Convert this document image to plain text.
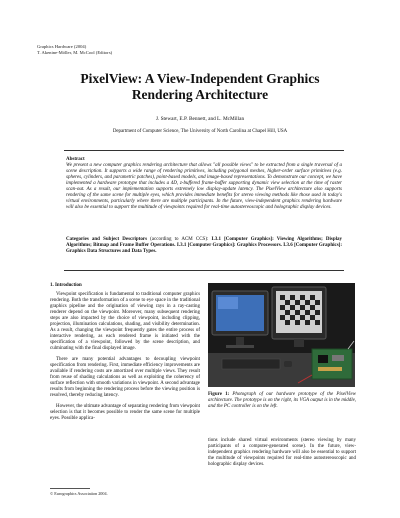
Graphics Hardware (2004)
T. Akenine-Möller, M. McCool (Editors)
PixelView: A View-Independent Graphics
Rendering Architecture
J. Stewart, E.P. Bennett, and L. McMillan
Department of Computer Science, The University of North Carolina at Chapel Hill, USA
Abstract
We present a new computer graphics rendering architecture that allows "all possible views" to be extracted from a single traversal of a scene description. It supports a wide range of rendering primitives, including polygonal meshes, higher-order surface primitives (e.g. spheres, cylinders, and parametric patches), point-based models, and image-based representations. To demonstrate our concept, we have implemented a hardware prototype that includes a 4D, z-buffered frame-buffer supporting dynamic view selection at the time of raster scan-out. As a result, our implementation supports extremely low display-update latency. The PixelView architecture also supports rendering of the same scene for multiple eyes, which provides immediate benefits for stereo viewing methods like those used in today's virtual environments, particularly where there are multiple participants. In the future, view-independent graphics rendering hardware will also be essential to support the multitude of viewpoints required for real-time autostereoscopic and holographic display devices.
Categories and Subject Descriptors (according to ACM CCS): I.3.1 [Computer Graphics]: Viewing Algorithms; Display Algorithms; Bitmap and Frame Buffer Operations. I.3.1 [Computer Graphics]: Graphics Processors. I.3.6 [Computer Graphics]: Graphics Data Structures and Data Types.
1. Introduction

Viewpoint specification is fundamental to traditional computer graphics rendering. Both the transformation of a scene to eye space in the traditional graphics pipeline and the origination of viewing rays in a ray-casting renderer depend on the viewpoint. Moreover, many subsequent rendering steps are also impacted by the choice of viewpoint, including clipping, projection, illumination calculations, shading, and visibility determination. As a result, changing the viewpoint frequently gates the entire process of interactive rendering, as each rendered frame is initiated with the specification of a viewpoint, followed by the scene description, and culminating with the final displayed image.

There are many potential advantages to decoupling viewpoint specification from rendering. First, immediate efficiency improvements are available if rendering costs are amortized over multiple views. They result from reuse of shading calculations as well as exploiting the coherency of surface reflection with smooth variations in viewpoint. A second advantage results from beginning the rendering process before the viewing position is resolved, thereby reducing latency.

However, the ultimate advantage of separating rendering from viewpoint selection is that it becomes possible to render the same scene for multiple eyes. Possible applica-

Figure 1: Photograph of our hardware prototype of the PixelView architecture. The prototype is on the right, its VGA output is in the middle, and the PC controller is on the left.

tions include shared virtual environments (stereo viewing by many participants of a computer-generated scene). In the future, view-independent graphics rendering hardware will also be essential to support the multitude of viewpoints required for real-time autostereoscopic and holographic display devices.

© Eurographics Association 2004.
